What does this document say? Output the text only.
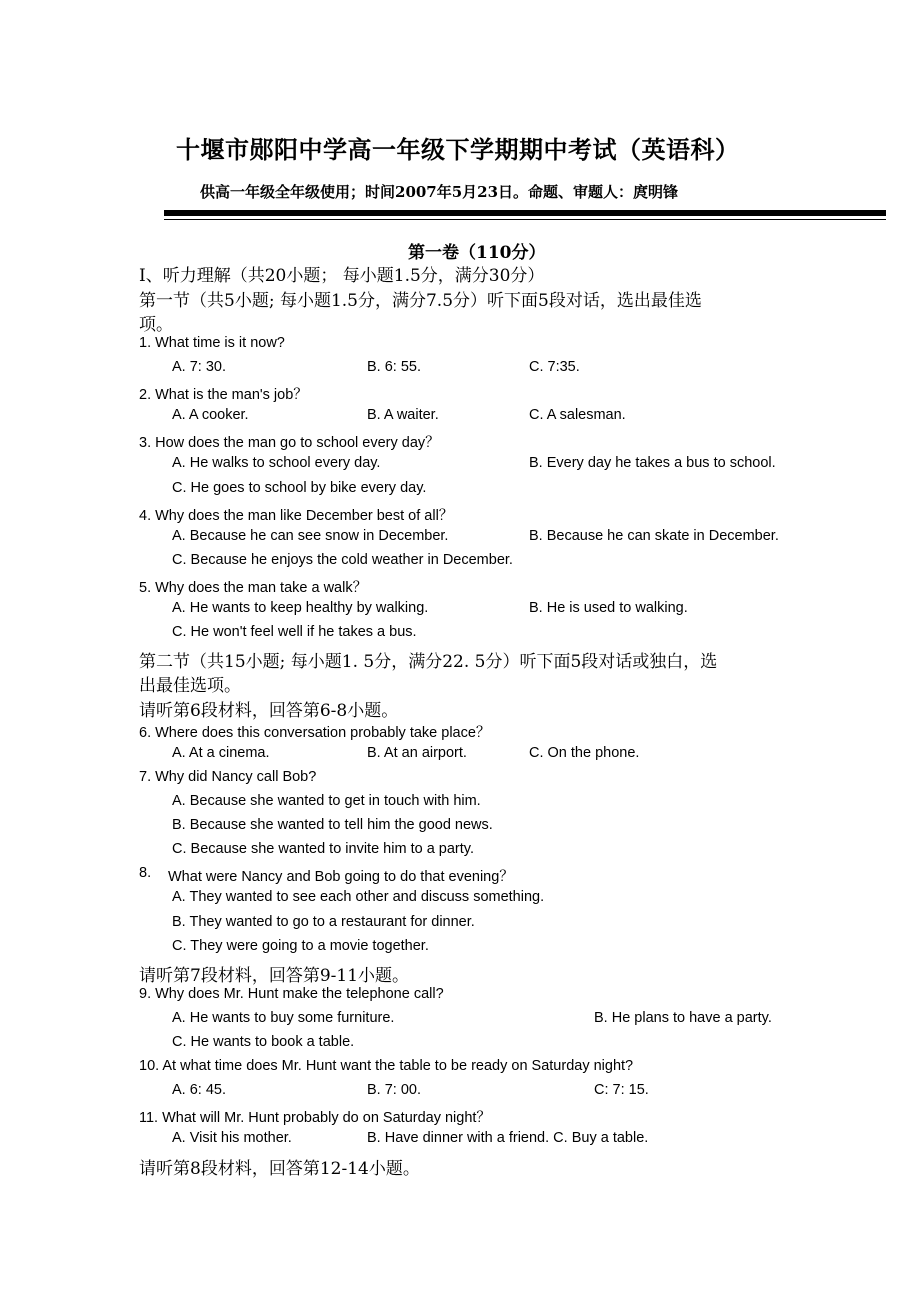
十堰市郧阳中学高一年级下学期期中考试（英语科）
供高一年级全年级使用；时间2007年5月23日。命题、审题人：庹明锋
第一卷（110分）
I、听力理解（共20小题； 每小题1.5分，满分30分）
第一节（共5小题; 每小题1.5分，满分7.5分）听下面5段对话，选出最佳选
项。
1. What time is it now?
A. 7: 30.	B. 6: 55.	C. 7:35.
2. What is the man's job？
A. A cooker.	B. A waiter.	C. A salesman.
3. How does the man go to school every day？
A. He walks to school every day.	B. Every day he takes a bus to school.
C. He goes to school by bike every day.
4. Why does the man like December best of all？
A. Because he can see snow in December.	B. Because he can skate in December.
C. Because he enjoys the cold weather in December.
5. Why does the man take a walk？
A. He wants to keep healthy by walking.	B. He is used to walking.
C. He won't feel well if he takes a bus.
第二节（共15小题; 每小题1. 5分，满分22. 5分）听下面5段对话或独白，选
出最佳选项。
请听第6段材料，回答第6-8小题。
6. Where does this conversation probably take place？
A. At a cinema.	B. At an airport.	C. On the phone.
7. Why did Nancy call Bob?
A. Because she wanted to get in touch with him.
B. Because she wanted to tell him the good news.
C. Because she wanted to invite him to a party.
8. What were Nancy and Bob going to do that evening？
A. They wanted to see each other and discuss something.
B. They wanted to go to a restaurant for dinner.
C. They were going to a movie together.
请听第7段材料，回答第9-11小题。
9. Why does Mr. Hunt make the telephone call?
A. He wants to buy some furniture.	B. He plans to have a party.
C. He wants to book a table.
10. At what time does Mr. Hunt want the table to be ready on Saturday night?
A. 6: 45.	B. 7: 00.	C: 7: 15.
11. What will Mr. Hunt probably do on Saturday night？
A. Visit his mother.	B. Have dinner with a friend. C. Buy a table.
请听第8段材料，回答第12-14小题。
